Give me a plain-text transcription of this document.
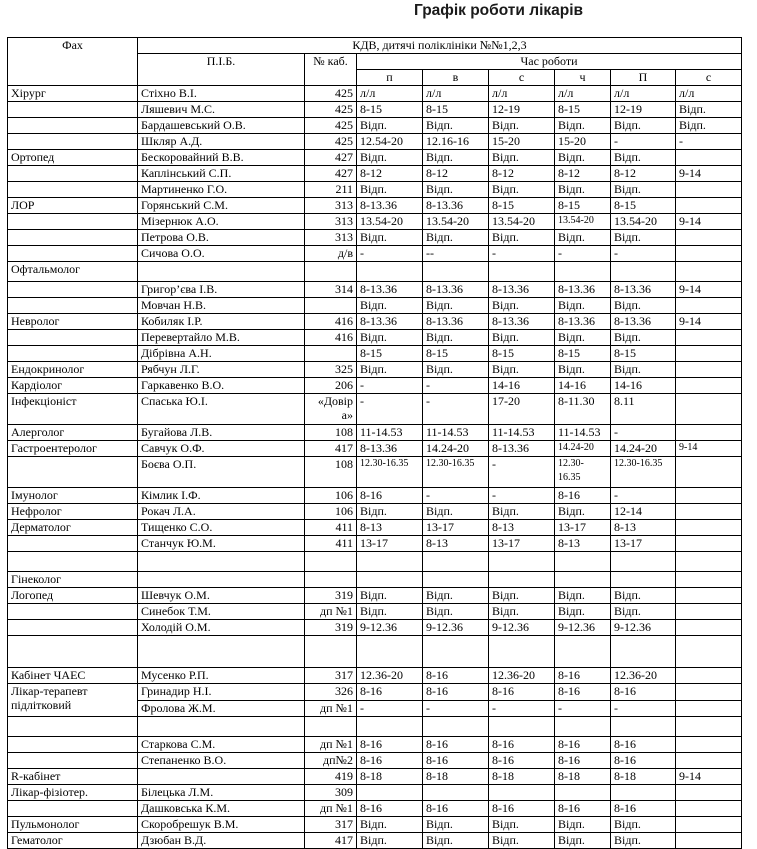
Графік роботи лікарів
Фах	КДВ, дитячі поліклініки №№1,2,3							
	П.І.Б.	№ каб.	Час роботи					
			п	в	с	ч	П	с
Хірург	Стіхно В.І.	425	л/л	л/л	л/л	л/л	л/л	л/л
	Ляшевич М.С.	425	8-15	8-15	12-19	8-15	12-19	Відп.
	Бардашевський О.В.	425	Відп.	Відп.	Відп.	Відп.	Відп.	Відп.
	Шкляр А.Д.	425	12.54-20	12.16-16	15-20	15-20	-	-
Ортопед	Бескоровайний В.В.	427	Відп.	Відп.	Відп.	Відп.	Відп.	
	Каплінський С.П.	427	8-12	8-12	8-12	8-12	8-12	9-14
	Мартиненко Г.О.	211	Відп.	Відп.	Відп.	Відп.	Відп.	
ЛОР	Горянський С.М.	313	8-13.36	8-13.36	8-15	8-15	8-15	
	Мізернюк А.О.	313	13.54-20	13.54-20	13.54-20	13.54-20	13.54-20	9-14
	Петрова О.В.	313	Відп.	Відп.	Відп.	Відп.	Відп.	
	Сичова О.О.	д/в	-	--	-	-	-	
Офтальмолог								
	Григор’єва І.В.	314	8-13.36	8-13.36	8-13.36	8-13.36	8-13.36	9-14
	Мовчан Н.В.		Відп.	Відп.	Відп.	Відп.	Відп.	
Невролог	Кобиляк І.Р.	416	8-13.36	8-13.36	8-13.36	8-13.36	8-13.36	9-14
	Перевертайло М.В.	416	Відп.	Відп.	Відп.	Відп.	Відп.	
	Дібрівна А.Н.		8-15	8-15	8-15	8-15	8-15	
Ендокринолог	Рябчун Л.Г.	325	Відп.	Відп.	Відп.	Відп.	Відп.	
Кардіолог	Гаркавенко В.О.	206	-	-	14-16	14-16	14-16	
Інфекціоніст	Спаська Ю.І.	«Довір а»	-	-	17-20	8-11.30	8.11	
Алерголог	Бугайова Л.В.	108	11-14.53	11-14.53	11-14.53	11-14.53	-	
Гастроентеролог	Савчук О.Ф.	417	8-13.36	14.24-20	8-13.36	14.24-20	14.24-20	9-14
	Боєва О.П.	108	12.30-16.35	12.30-16.35	-	12.30- 16.35	12.30-16.35	
Імунолог	Кімлик І.Ф.	106	8-16	-	-	8-16	-	
Нефролог	Рокач Л.А.	106	Відп.	Відп.	Відп.	Відп.	12-14	
Дерматолог	Тищенко С.О.	411	8-13	13-17	8-13	13-17	8-13	
	Станчук Ю.М.	411	13-17	8-13	13-17	8-13	13-17	

Гінеколог								
Логопед	Шевчук О.М.	319	Відп.	Відп.	Відп.	Відп.	Відп.	
	Синебок Т.М.	дп №1	Відп.	Відп.	Відп.	Відп.	Відп.	
	Холодій О.М.	319	9-12.36	9-12.36	9-12.36	9-12.36	9-12.36	

Кабінет ЧАЕС	Мусенко Р.П.	317	12.36-20	8-16	12.36-20	8-16	12.36-20	
Лікар-терапевт підлітковий	Гринадир Н.І.	326	8-16	8-16	8-16	8-16	8-16	
	Фролова Ж.М.	дп №1	-	-	-	-	-	

	Старкова С.М.	дп №1	8-16	8-16	8-16	8-16	8-16	
	Степаненко В.О.	дп№2	8-16	8-16	8-16	8-16	8-16	
R-кабінет		419	8-18	8-18	8-18	8-18	8-18	9-14
Лікар-фізіотер.	Білецька Л.М.	309						
	Дашковська К.М.	дп №1	8-16	8-16	8-16	8-16	8-16	
Пульмонолог	Скоробрешук В.М.	317	Відп.	Відп.	Відп.	Відп.	Відп.	
Гематолог	Дзюбан В.Д.	417	Відп.	Відп.	Відп.	Відп.	Відп.	
